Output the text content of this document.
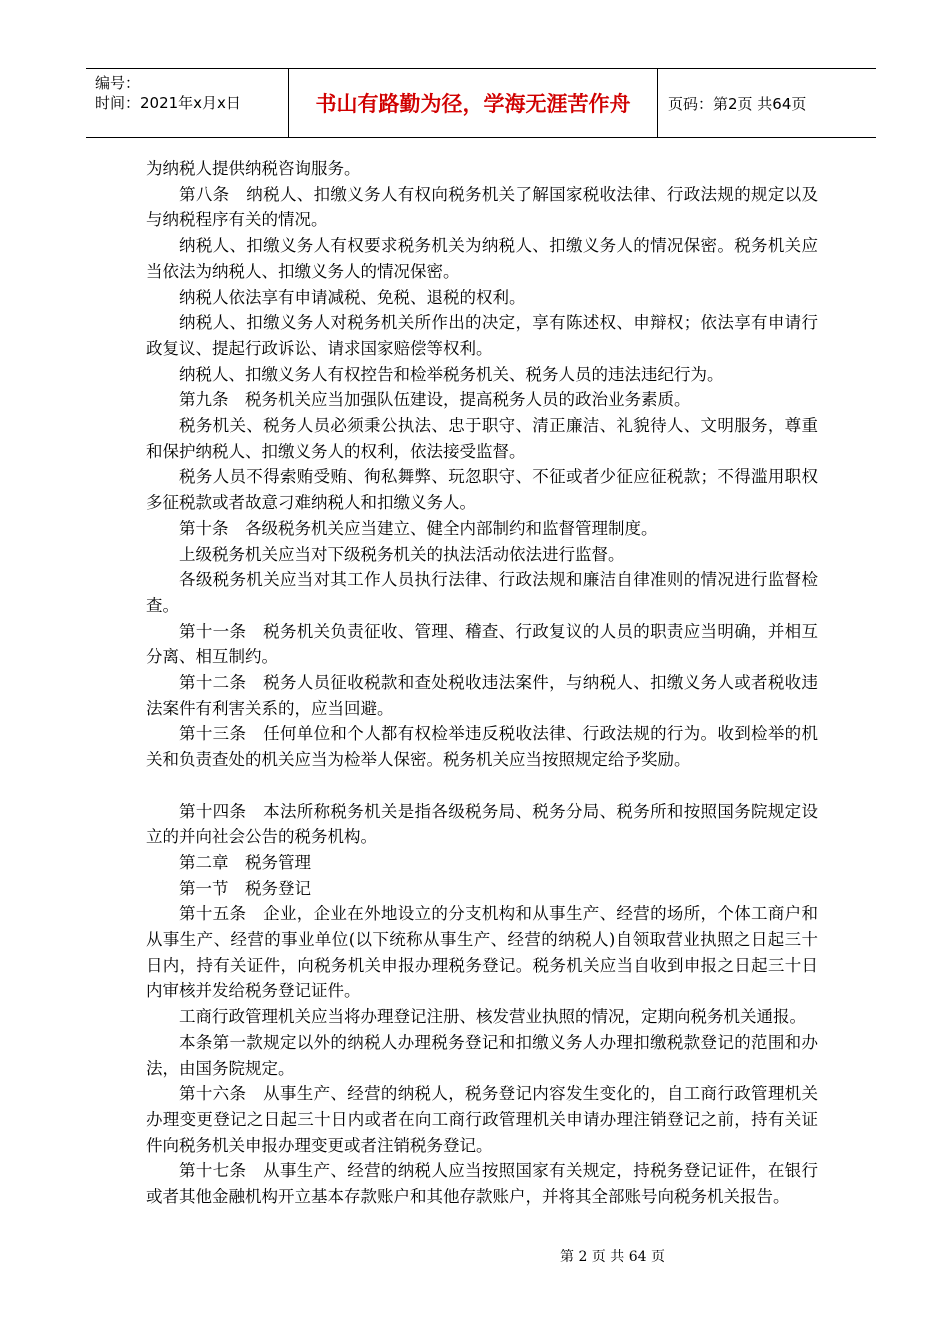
编号：
时间：2021年x月x日	书山有路勤为径，学海无涯苦作舟	页码：第2页 共64页

为纳税人提供纳税咨询服务。

第八条　纳税人、扣缴义务人有权向税务机关了解国家税收法律、行政法规的规定以及与纳税程序有关的情况。

纳税人、扣缴义务人有权要求税务机关为纳税人、扣缴义务人的情况保密。税务机关应当依法为纳税人、扣缴义务人的情况保密。

纳税人依法享有申请减税、免税、退税的权利。

纳税人、扣缴义务人对税务机关所作出的决定，享有陈述权、申辩权；依法享有申请行政复议、提起行政诉讼、请求国家赔偿等权利。

纳税人、扣缴义务人有权控告和检举税务机关、税务人员的违法违纪行为。

第九条　税务机关应当加强队伍建设，提高税务人员的政治业务素质。

税务机关、税务人员必须秉公执法、忠于职守、清正廉洁、礼貌待人、文明服务，尊重和保护纳税人、扣缴义务人的权利，依法接受监督。

税务人员不得索贿受贿、徇私舞弊、玩忽职守、不征或者少征应征税款；不得滥用职权多征税款或者故意刁难纳税人和扣缴义务人。

第十条　各级税务机关应当建立、健全内部制约和监督管理制度。

上级税务机关应当对下级税务机关的执法活动依法进行监督。

各级税务机关应当对其工作人员执行法律、行政法规和廉洁自律准则的情况进行监督检查。

第十一条　税务机关负责征收、管理、稽查、行政复议的人员的职责应当明确，并相互分离、相互制约。

第十二条　税务人员征收税款和查处税收违法案件，与纳税人、扣缴义务人或者税收违法案件有利害关系的，应当回避。

第十三条　任何单位和个人都有权检举违反税收法律、行政法规的行为。收到检举的机关和负责查处的机关应当为检举人保密。税务机关应当按照规定给予奖励。

第十四条　本法所称税务机关是指各级税务局、税务分局、税务所和按照国务院规定设立的并向社会公告的税务机构。

第二章　税务管理

第一节　税务登记

第十五条　企业，企业在外地设立的分支机构和从事生产、经营的场所，个体工商户和从事生产、经营的事业单位(以下统称从事生产、经营的纳税人)自领取营业执照之日起三十日内，持有关证件，向税务机关申报办理税务登记。税务机关应当自收到申报之日起三十日内审核并发给税务登记证件。

工商行政管理机关应当将办理登记注册、核发营业执照的情况，定期向税务机关通报。

本条第一款规定以外的纳税人办理税务登记和扣缴义务人办理扣缴税款登记的范围和办法，由国务院规定。

第十六条　从事生产、经营的纳税人，税务登记内容发生变化的，自工商行政管理机关办理变更登记之日起三十日内或者在向工商行政管理机关申请办理注销登记之前，持有关证件向税务机关申报办理变更或者注销税务登记。

第十七条　从事生产、经营的纳税人应当按照国家有关规定，持税务登记证件，在银行或者其他金融机构开立基本存款账户和其他存款账户，并将其全部账号向税务机关报告。

第 2 页 共 64 页
